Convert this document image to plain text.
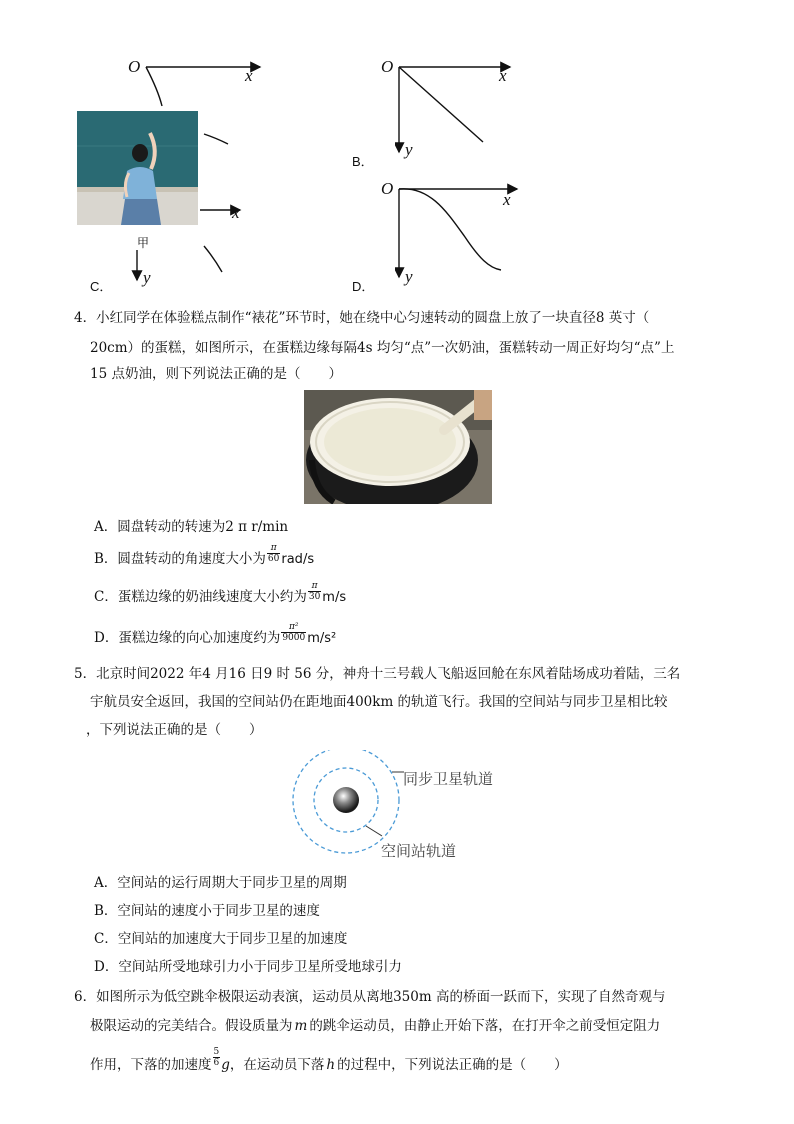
O	x
甲
x
C． y
O	x
y
B．
O
x
y
D．
4．小红同学在体验糕点制作“裱花”环节时，她在绕中心匀速转动的圆盘上放了一块直径8 英寸（
20cm）的蛋糕，如图所示，在蛋糕边缘每隔4s 均匀“点”一次奶油，蛋糕转动一周正好均匀“点”上
15 点奶油，则下列说法正确的是（ ）
A．圆盘转动的转速为2 π r/min
B．圆盘转动的角速度大小为 $\frac{\pi}{60} rad/s$
C．蛋糕边缘的奶油线速度大小约为 $\frac{\pi}{30} m/s$
D．蛋糕边缘的向心加速度约为 $\frac{\text{π²}}{9000} m/s^2$
5．北京时间2022 年4 月16 日9 时 56 分，神舟十三号载人飞船返回舱在东风着陆场成功着陆，三名
宇航员安全返回，我国的空间站仍在距地面400km 的轨道飞行。我国的空间站与同步卫星相比较
，下列说法正确的是（ ）
同步卫星轨道
空间站轨道
A．空间站的运行周期大于同步卫星的周期
B．空间站的速度小于同步卫星的速度
C．空间站的加速度大于同步卫星的加速度
D．空间站所受地球引力小于同步卫星所受地球引力
6．如图所示为低空跳伞极限运动表演，运动员从离地350m 高的桥面一跃而下，实现了自然奇观与
极限运动的完美结合。假设质量为 m 的跳伞运动员，由静止开始下落，在打开伞之前受恒定阻力
作用，下落的加速度 $\frac{5}{6}$ g，在运动员下落 h 的过程中，下列说法正确的是（ ）
